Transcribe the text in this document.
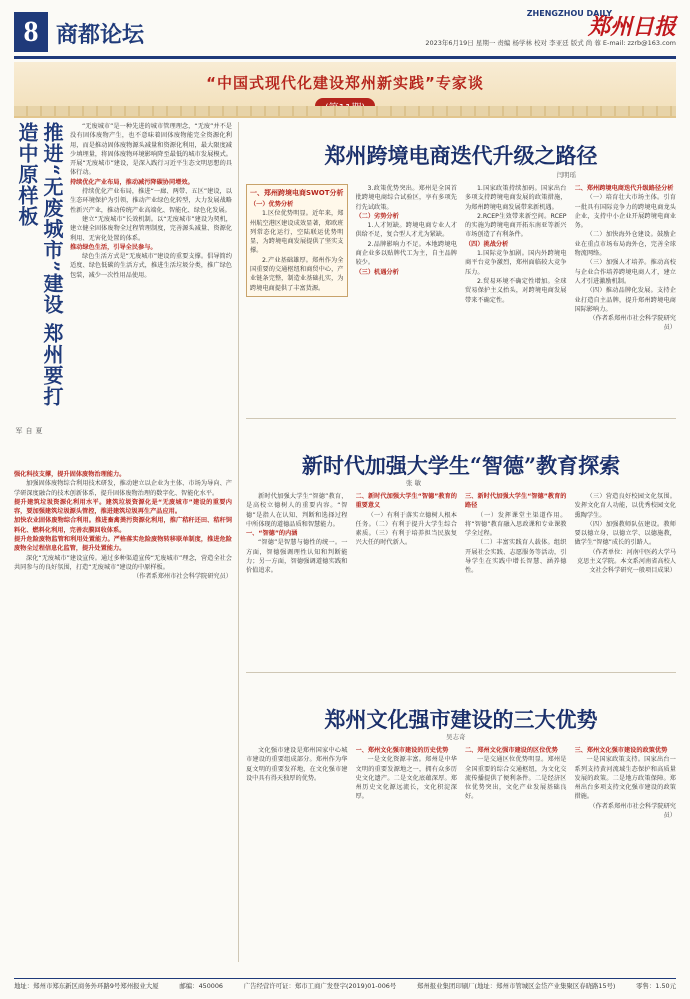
8 商都论坛
ZHENGZHOU DAILY
郑州日报
2023年6月19日 星期一 责编 杨学林 校对 李亚廷 版式 尚 蓉 E-mail: zzrb@163.com
“中国式现代化建设郑州新实践”专家谈
推进“无废城市”建设 郑州要打造中原样板
夏自军

“无废城市”是一种先进的城市管理理念，“无废”并不是没有固体废物产生，也不意味着固体废物能完全资源化利用，而是推动固体废物源头减量和资源化利用，最大限度减少填埋量，将固体废物环境影响降至最低的城市发展模式。开展“无废城市”建设，是深入践行习近平生态文明思想的具体行动。

持续优化产业布局，推动减污降碳协同增效。

持续优化产业布局，推进“一廊、两带、五区”建设，以生态环境保护为引领，推动产业绿色化转型，大力发展战略性新兴产业，推动传统产业高端化、智能化、绿色化发展。

建立“无废城市”长效机制。以“无废城市”建设为契机，建立健全固体废物全过程管理制度，完善源头减量、资源化利用、无害化处置的体系。

推动绿色生活，引导全民参与。

绿色生活方式是“无废城市”建设的重要支撑。倡导简约适度、绿色低碳的生活方式，推进生活垃圾分类，推广绿色包装，减少一次性用品使用。

强化科技支撑，提升固体废物治理能力。

加强固体废物综合利用技术研发，推动建立以企业为主体、市场为导向、产学研深度融合的技术创新体系，提升固体废物治理的数字化、智能化水平。

提升建筑垃圾资源化利用水平。建筑垃圾资源化是“无废城市”建设的重要内容，要加强建筑垃圾源头管控，推进建筑垃圾再生产品应用。

加快农业固体废物综合利用。推进畜禽粪污资源化利用，推广秸秆还田、秸秆饲料化、燃料化利用，完善农膜回收体系。

提升危险废物监管和利用处置能力。严格落实危险废物转移联单制度，推进危险废物全过程信息化监管，提升处置能力。

深化“无废城市”建设宣传。通过多种渠道宣传“无废城市”理念，营造全社会共同参与的良好氛围，打造“无废城市”建设的中原样板。

（作者系郑州市社会科学院研究员）

郑州跨境电商迭代升级之路径
闫明瑶
一、郑州跨境电商SWOT分析

（一）优势分析

1.区位优势明显。近年来，郑州航空港区建设成效显著，郑欧班列常态化运行，空陆联运优势明显，为跨境电商发展提供了坚实支撑。

2.产业基础雄厚。郑州作为全国重要的交通枢纽和商贸中心，产业链条完整，制造业基础扎实，为跨境电商提供了丰富货源。

3.政策优势突出。郑州是全国首批跨境电商综合试验区，享有多项先行先试政策。

（二）劣势分析

1.人才短缺。跨境电商专业人才供给不足，复合型人才尤为紧缺。

2.品牌影响力不足。本地跨境电商企业多以贴牌代工为主，自主品牌较少。

（三）机遇分析

1.国家政策持续加码。国家出台多项支持跨境电商发展的政策措施，为郑州跨境电商发展带来新机遇。

2.RCEP生效带来新空间。RCEP的实施为跨境电商开拓东南亚等新兴市场创造了有利条件。

（四）挑战分析

1.国际竞争加剧。国内外跨境电商平台竞争激烈，郑州面临较大竞争压力。

2.贸易环境不确定性增加。全球贸易保护主义抬头，对跨境电商发展带来不确定性。

二、郑州跨境电商迭代升级路径分析

（一）培育壮大市场主体。引育一批具有国际竞争力的跨境电商龙头企业，支持中小企业开展跨境电商业务。

（二）加快海外仓建设。鼓励企业在重点市场布局海外仓，完善全球物流网络。

（三）加强人才培养。推动高校与企业合作培养跨境电商人才，建立人才引进激励机制。

（四）推动品牌化发展。支持企业打造自主品牌，提升郑州跨境电商国际影响力。

（作者系郑州市社会科学院研究员）

新时代加强大学生“智德”教育探索
张 敏

新时代加强大学生“智德”教育，是高校立德树人的重要内容。“智德”是指人在认知、判断和选择过程中所体现的道德品质和智慧能力。

一、“智德”的内涵

“智德”是智慧与德性的统一。一方面，智德强调理性认知和判断能力；另一方面，智德强调道德实践和价值追求。

二、新时代加强大学生“智德”教育的重要意义

（一）有利于落实立德树人根本任务。（二）有利于提升大学生综合素质。（三）有利于培养担当民族复兴大任的时代新人。

三、新时代加强大学生“智德”教育的路径

（一）发挥课堂主渠道作用。将“智德”教育融入思政课和专业课教学全过程。

（二）丰富实践育人载体。组织开展社会实践、志愿服务等活动，引导学生在实践中增长智慧、涵养德性。

（三）营造良好校园文化氛围。发挥文化育人功能，以优秀校园文化熏陶学生。

（四）加强教师队伍建设。教师要以德立身、以德立学、以德施教，做学生“智德”成长的引路人。

（作者单位：河南中医药大学马克思主义学院。本文系河南省高校人文社会科学研究一般项目成果）

郑州文化强市建设的三大优势
吴志奇

文化强市建设是郑州国家中心城市建设的重要组成部分。郑州作为华夏文明的重要发祥地，在文化强市建设中具有得天独厚的优势。

一、郑州文化强市建设的历史优势

一是文化资源丰富。郑州是中华文明的重要发源地之一，拥有众多历史文化遗产。二是文化底蕴深厚。郑州历史文化源远流长，文化积淀深厚。

二、郑州文化强市建设的区位优势

一是交通区位优势明显。郑州是全国重要的综合交通枢纽，为文化交流传播提供了便利条件。二是经济区位优势突出，文化产业发展基础良好。

三、郑州文化强市建设的政策优势

一是国家政策支持。国家出台一系列支持黄河流域生态保护和高质量发展的政策。二是地方政策保障。郑州出台多项支持文化强市建设的政策措施。

（作者系郑州市社会科学院研究员）

地址：郑州市郑东新区商务外环路9号郑州报业大厦	邮编：450006	广告经营许可证：郑市工商广发登字(2019)01-006号	郑州报业集团印刷厂(地址：郑州市管城区金岱产业集聚区春晓路15号)	零售：1.50元
